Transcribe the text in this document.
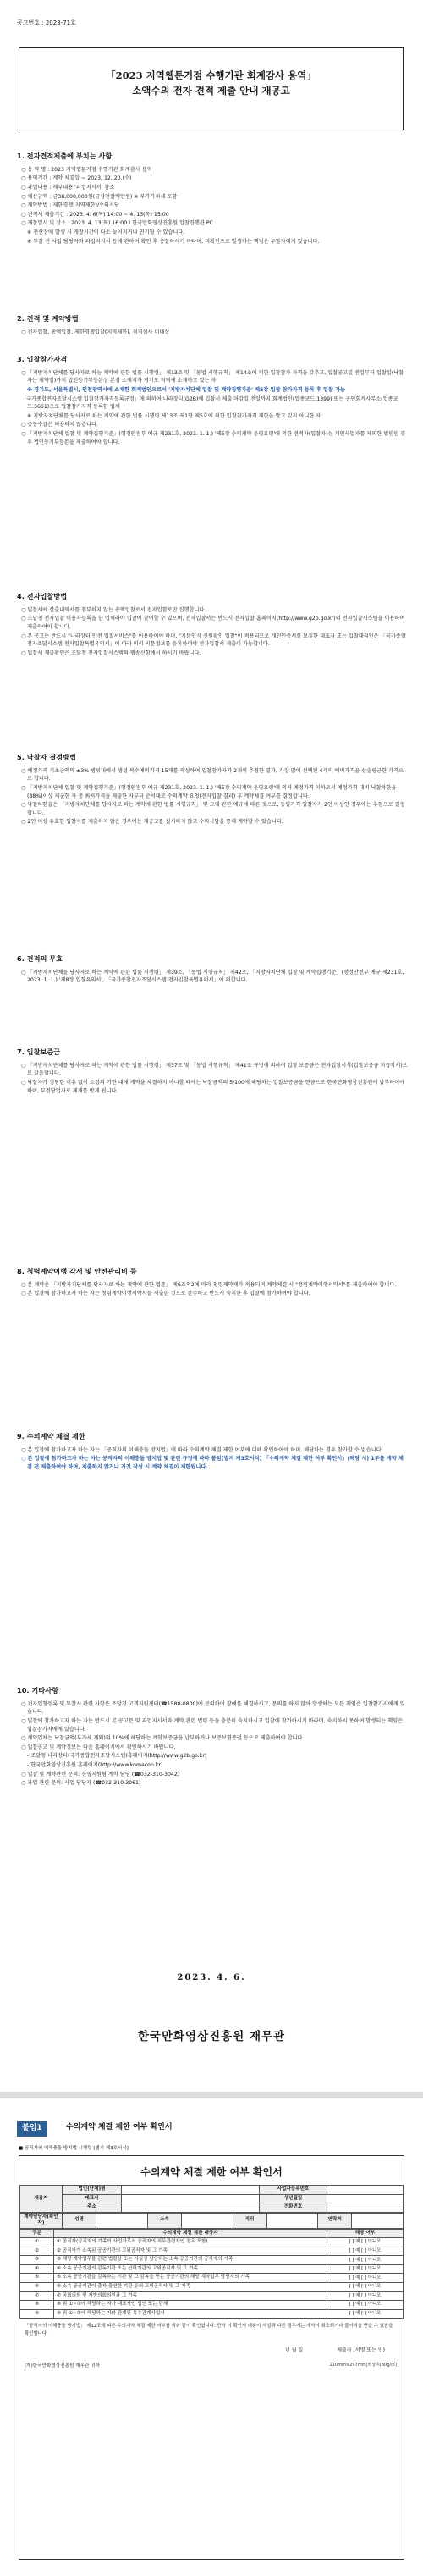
공고번호 : 2023-71호
「2023 지역웹툰거점 수행기관 회계감사 용역」
소액수의 전자 견적 제출 안내 재공고
1. 전자견적제출에 부치는 사항
○ 용 역 명 : 2023 지역웹툰거점 수행기관 회계감사 용역
○ 용역기간 : 계약 체결일 ~ 2023. 12. 20.(수)
○ 과업내용 : 세부내용 '과업지시서' 참조
○ 예산금액 : 금38,000,000원(금삼천팔백만원) ※ 부가가치세 포함
○ 계약방법 : 제한경쟁(지역제한)/수의시담
○ 견적서 제출기간 : 2023. 4. 6(목) 14:00 ~ 4. 13(목) 15:00
○ 개찰일시 및 장소 : 2023. 4. 13(목) 16:00 / 한국만화영상진흥원 입찰집행관 PC
※ 전산장애 발생 시 개찰시간이 다소 늦어지거나 연기될 수 있습니다.
※ 투찰 전 사업 담당자와 과업지시서 등에 관하여 확인 후 응찰하시기 바라며, 미확인으로 발생하는 책임은 투찰자에게 있습니다.
2. 견적 및 계약방법
○ 전자입찰, 총액입찰, 제한경쟁입찰(지역제한), 적격심사 미대상
3. 입찰참가자격
○ 「지방자치단체를 당사자로 하는 계약에 관한 법률 시행령」 제13조 및 「동법 시행규칙」 제14조에 의한 입찰참가 자격을 갖추고, 입찰공고일 전일부터 입찰일(낙찰자는 계약일)까지 법인등기부등본상 본점 소재지가 경기도 지역에 소재하고 있는 자
※ 경기도, 서울특별시, 인천광역시에 소재한 회계법인으로서 '지방자치단체 입찰 및 계약집행기준' 제5장 입찰 참가자격 등록 후 입찰 가능
「국가종합전자조달시스템 입찰참가자격등록규정」에 의하여 나라장터(G2B)에 입찰서 제출 마감일 전일까지 회계법인(업종코드:1399) 또는 공인회계사무소(업종코드:3661)으로 입찰참가자격 등록한 업체
※ 지방자치단체를 당사자로 하는 계약에 관한 법률 시행령 제13조 제1항 제5호에 의한 입찰참가자격 제한을 받고 있지 아니한 자
○ 공동수급은 허용하지 않습니다.
○ 「지방자치단체 입찰 및 계약집행기준」(행정안전부 예규 제231호, 2023. 1. 1.) '제5장 수의계약 운영요령'에 의한 견적자(입찰자)는 개인사업자를 제외한 법인인 경우 법인등기부등본을 제출하여야 합니다.
4. 전자입찰방법
○ 입찰서에 산출내역서를 첨부하지 않는 총액입찰로서 전자입찰로만 집행합니다.
○ 조달청 전자입찰 이용자등록을 한 업체라야 입찰에 참여할 수 있으며, 전자입찰서는 반드시 전자입찰 홈페이지(http://www.g2b.go.kr)의 전자입찰시스템을 이용하여 제출하여야 합니다.
○ 본 공고는 반드시 "나라장터 안전 입찰서비스"를 이용하여야 하며, "지문인식 신원확인 입찰"이 적용되므로 개인인증서를 보유한 대표자 또는 입찰대리인은 「국가종합전자조달시스템 전자입찰특별유의서」에 따라 미리 지문정보를 등록하여야 전자입찰서 제출이 가능합니다.
○ 입찰서 제출확인은 조달청 전자입찰시스템의 웹송신함에서 하시기 바랍니다.
5. 낙찰자 결정방법
○ 예정가격 기초금액의 ±3% 범위내에서 생성 복수예비가격 15개를 작성하여 입찰참가자가 2개씩 추첨한 결과, 가장 많이 선택된 4개의 예비가격을 산술평균한 가격으로 합니다.
○ 「지방자치단체 입찰 및 계약집행기준」(행정안전부 예규 제231호, 2023. 1. 1.) '제5장 수의계약 운영요령'에 의거 예정가격 이하로서 예정가격 대비 낙찰하한율(88%)이상 제출한 자 중 최저가격을 제출한 자부터 순서대로 수의계약 요청(전자입찰 결과) 후 계약체결 여부를 결정합니다.
○ 낙찰하한율은 「지방자치단체를 당사자로 하는 계약에 관한 법률 시행규칙」 및 그에 관한 예규에 따른 것으로, 동일가격 입찰자가 2인 이상인 경우에는 추첨으로 결정합니다.
○ 2인 이상 유효한 입찰서를 제출하지 않은 경우에는 재공고를 실시하지 않고 수의시담을 통해 계약할 수 있습니다.
6. 견적의 무효
○ 「지방자치단체를 당사자로 하는 계약에 관한 법률 시행령」 제39조, 「동법 시행규칙」 제42조, 「지방자치단체 입찰 및 계약집행기준」(행정안전부 예규 제231호, 2023. 1. 1.) '제8장 입찰유의서', 「국가종합전자조달시스템 전자입찰특별유의서」에 의합니다.
7. 입찰보증금
○ 「지방자치단체를 당사자로 하는 계약에 관한 법률 시행령」 제37조 및 「동법 시행규칙」 제41조 규정에 의하여 입찰 보증금은 전자입찰서식(입찰보증금 지급각서)으로 갈음합니다.
○ 낙찰자가 정당한 이유 없이 소정의 기한 내에 계약을 체결하지 아니할 때에는 낙찰금액의 5/100에 해당하는 입찰보증금을 현금으로 한국만화영상진흥원에 납부하여야 하며, 부정당업자로 제재를 받게 됩니다.
8. 청렴계약이행 각서 및 안전관리비 등
○ 본 계약은 「지방자치단체를 당사자로 하는 계약에 관한 법률」 제6조의2에 따라 청렴계약제가 적용되며 계약체결 시 "청렴계약이행서약서"를 제출하여야 합니다.
○ 본 입찰에 참가하고자 하는 자는 청렴계약이행서약서를 제출한 것으로 간주하고 반드시 숙지한 후 입찰에 참가하여야 합니다.
9. 수의계약 체결 제한
○ 본 입찰에 참가하고자 하는 자는 「공직자의 이해충돌 방지법」에 따라 수의계약 체결 제한 여부에 대해 확인하여야 하며, 해당하는 경우 참가할 수 없습니다.
○ 본 입찰에 참가하고자 하는 자는 공직자의 이해충돌 방지법 및 관련 규정에 따라 붙임(별지 제3호서식) 「수의계약 체결 제한 여부 확인서」(해당 시) 1부를 계약 체결 전 제출하여야 하며, 제출하지 않거나 거짓 작성 시 계약 체결이 제한됩니다.
10. 기타사항
○ 전자입찰등록 및 투찰시 관련 사항은 조달청 고객지원센터(☎1588-0800)에 문의하여 장애를 해결하시고, 문의를 하지 않아 발생하는 모든 책임은 입찰참가자에게 있습니다.
○ 입찰에 참가하고자 하는 자는 반드시 본 공고문 및 과업지시서와 계약 관련 법령 등을 충분히 숙지하시고 입찰에 참가하시기 바라며, 숙지하지 못하여 발생되는 책임은 입찰참가자에게 있습니다.
○ 계약업체는 낙찰금액(부가세 제외)의 10%에 해당하는 계약보증금을 납부하거나 보증보험증권 등으로 제출하여야 합니다.
○ 입찰공고 및 계약정보는 다음 홈페이지에서 확인하시기 바랍니다.
- 조달청 나라장터(국가종합전자조달시스템)홈페이지(http://www.g2b.go.kr)
- 한국만화영상진흥원 홈페이지(http://www.komacon.kr)
○ 입찰 및 계약관련 문의: 경영지원팀 계약 담당 (☎032-310-3042)
○ 과업 관련 문의: 사업 담당자 (☎032-310-3061)
2023. 4. 6.
한국만화영상진흥원 재무관
붙임1	수의계약 체결 제한 여부 확인서
■ 공직자의 이해충돌 방지법 시행령 [별지 제3호서식]
수의계약 체결 제한 여부 확인서
제출자	법인(단체)명		사업자등록번호	
	대표자		생년월일	
	주소		전화번호	
계약담당자(확인자)	성명		소속		직위		연락처	
구분	수의계약 체결 제한 대상자	해당 여부
①	① 공직자(공직자의 가족이 사업자로서 공직자의 직무관련자인 경우 포함)	[ ] 예 [ ] 아니오
②	② 공직자가 소속된 공공기관의 고위공직자 및 그 가족	[ ] 예 [ ] 아니오
③	③ 해당 계약업무를 관련 법령상 또는 사실상 담당하는 소속 공공기관의 공직자의 가족	[ ] 예 [ ] 아니오
④	④ 소속 공공기관의 감독기관 또는 산하기관의 고위공직자 및 그 가족	[ ] 예 [ ] 아니오
⑤	⑤ 소속 공공기관을 감독하는 기관 및 그 감독을 받는 공공기관의 해당 계약업무 담당자의 가족	[ ] 예 [ ] 아니오
⑥	⑥ 소속 공공기관이 출자·출연한 기관 등의 고위공직자 및 그 가족	[ ] 예 [ ] 아니오
⑦	⑦ 국회의원 및 지방의회의원과 그 가족	[ ] 예 [ ] 아니오
⑧	⑧ 위 ①~⑦에 해당하는 자가 대표자인 법인 또는 단체	[ ] 예 [ ] 아니오
⑨	⑨ 위 ①~⑦에 해당하는 자와 관계된 특수관계사업자	[ ] 예 [ ] 아니오
「공직자의 이해충돌 방지법」 제12조에 따른 수의계약 체결 제한 여부를 위와 같이 확인합니다. 만약 이 확인서 내용이 사실과 다른 경우에는 계약이 취소되거나 불이익을 받을 수 있음을 확인합니다.
년 월 일	제출자 (서명 또는 인)
(재)한국만화영상진흥원 재무관 귀하	210mm×297mm[백상지(80g/㎡)]
